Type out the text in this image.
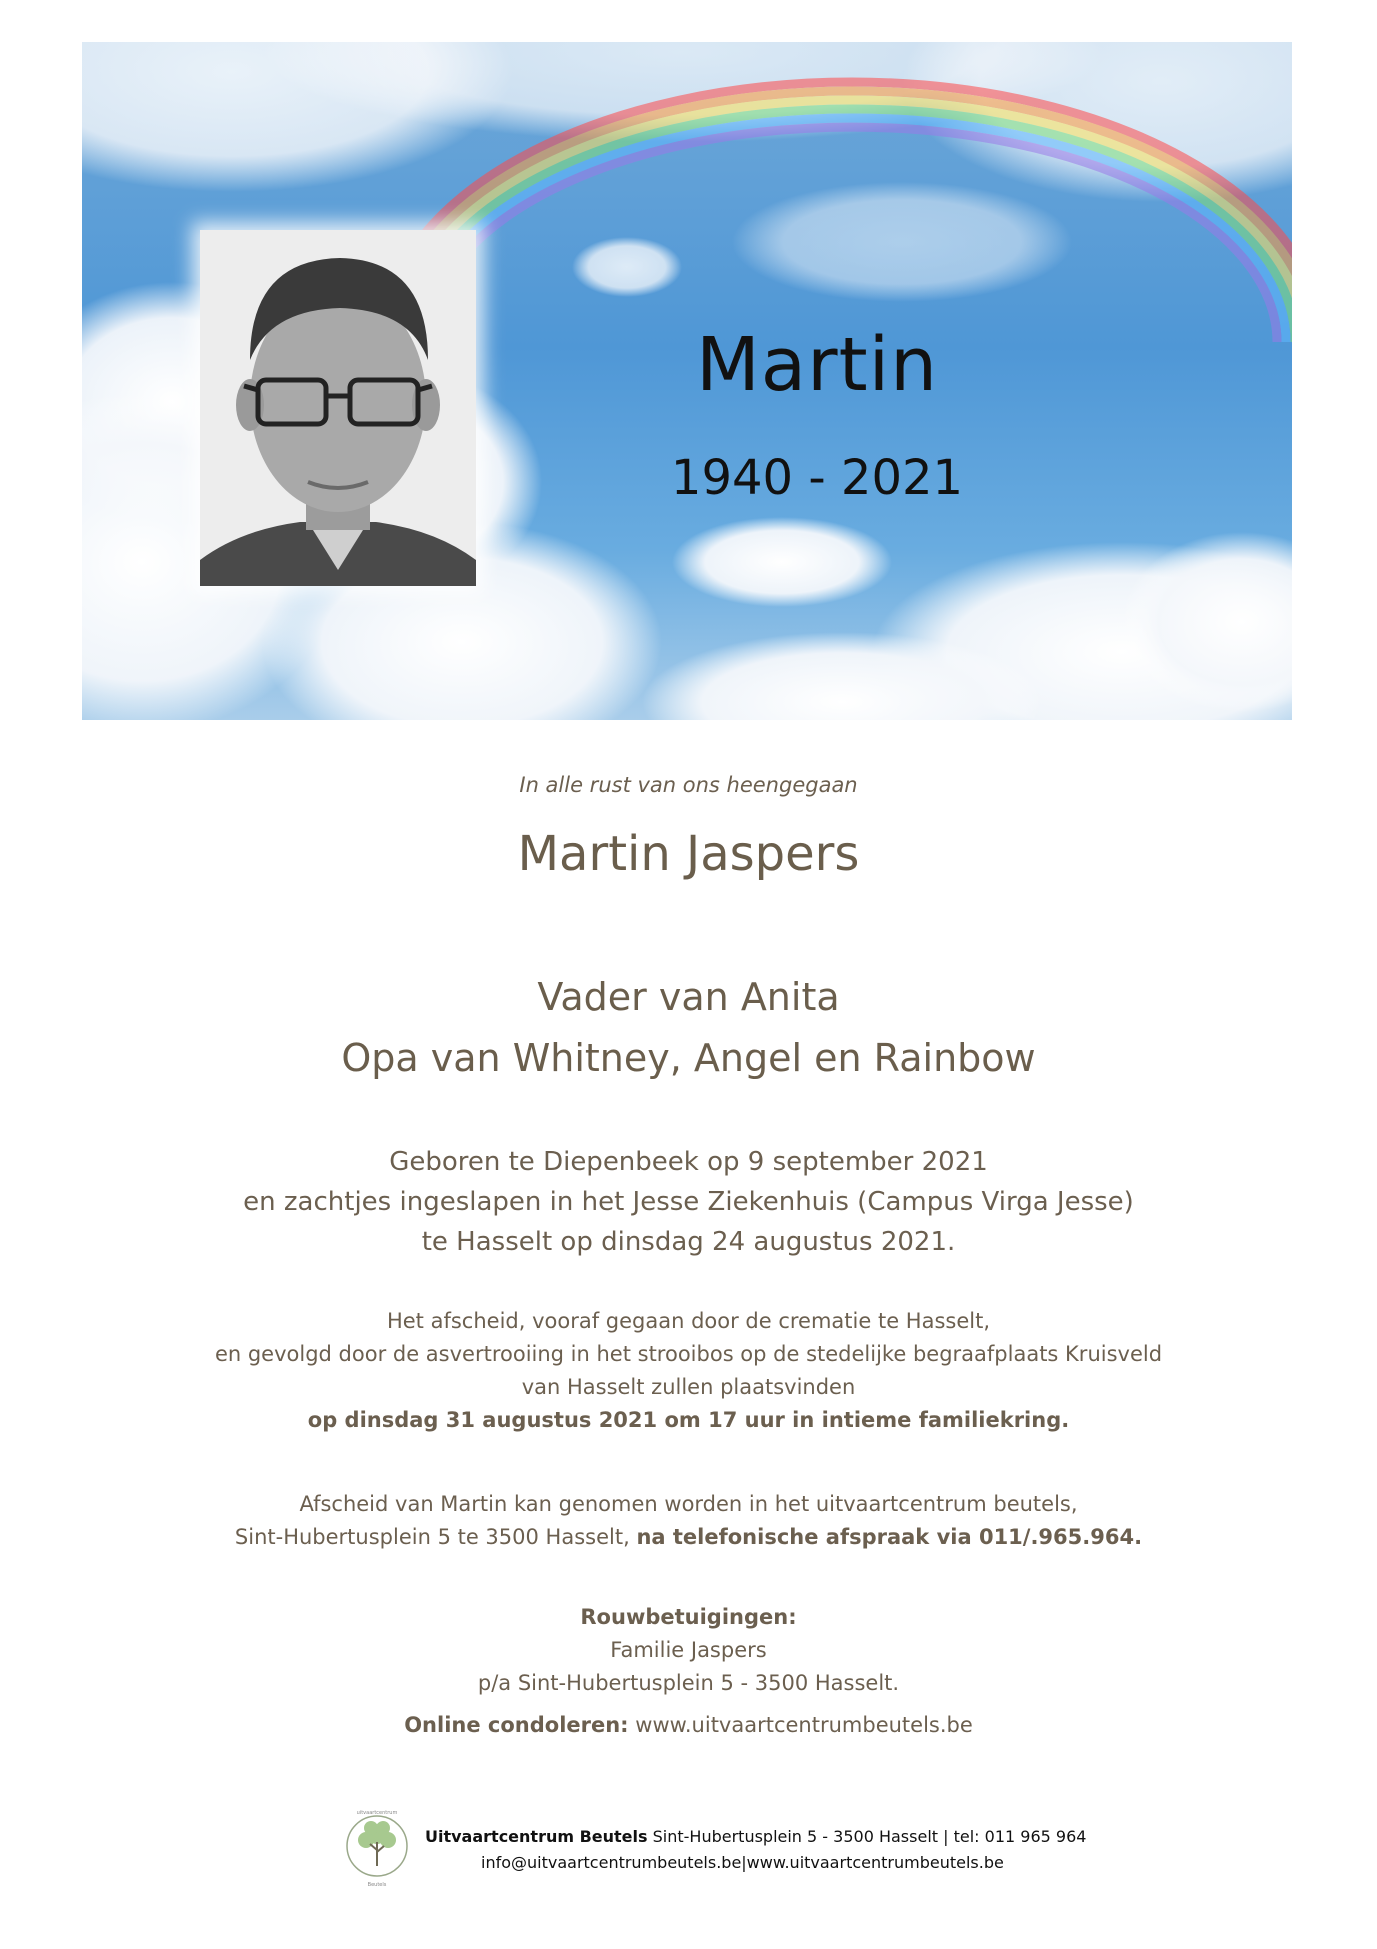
Martin
1940 - 2021
In alle rust van ons heengegaan
Martin Jaspers
Vader van Anita
Opa van Whitney, Angel en Rainbow
Geboren te Diepenbeek op 9 september 2021
en zachtjes ingeslapen in het Jesse Ziekenhuis (Campus Virga Jesse)
te Hasselt op dinsdag 24 augustus 2021.
Het afscheid, vooraf gegaan door de crematie te Hasselt,
en gevolgd door de asvertrooiing in het strooibos op de stedelijke begraafplaats Kruisveld
van Hasselt zullen plaatsvinden
op dinsdag 31 augustus 2021 om 17 uur in intieme familiekring.
Afscheid van Martin kan genomen worden in het uitvaartcentrum beutels,
Sint-Hubertusplein 5 te 3500 Hasselt, na telefonische afspraak via 011/.965.964.
Rouwbetuigingen:
Familie Jaspers
p/a Sint-Hubertusplein 5 - 3500 Hasselt.
Online condoleren: www.uitvaartcentrumbeutels.be
uitvaartcentrum
Beutels
Uitvaartcentrum Beutels Sint-Hubertusplein 5 - 3500 Hasselt | tel: 011 965 964
info@uitvaartcentrumbeutels.be|www.uitvaartcentrumbeutels.be
